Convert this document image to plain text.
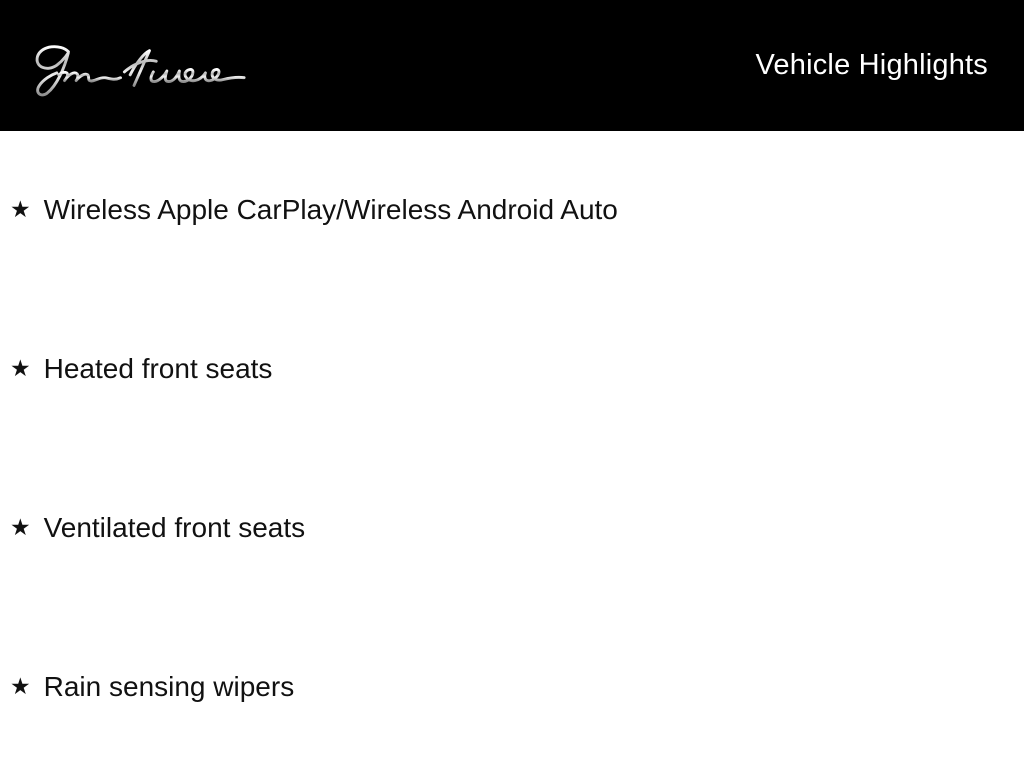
Vehicle Highlights
★ Wireless Apple CarPlay/Wireless Android Auto
★ Heated front seats
★ Ventilated front seats
★ Rain sensing wipers
